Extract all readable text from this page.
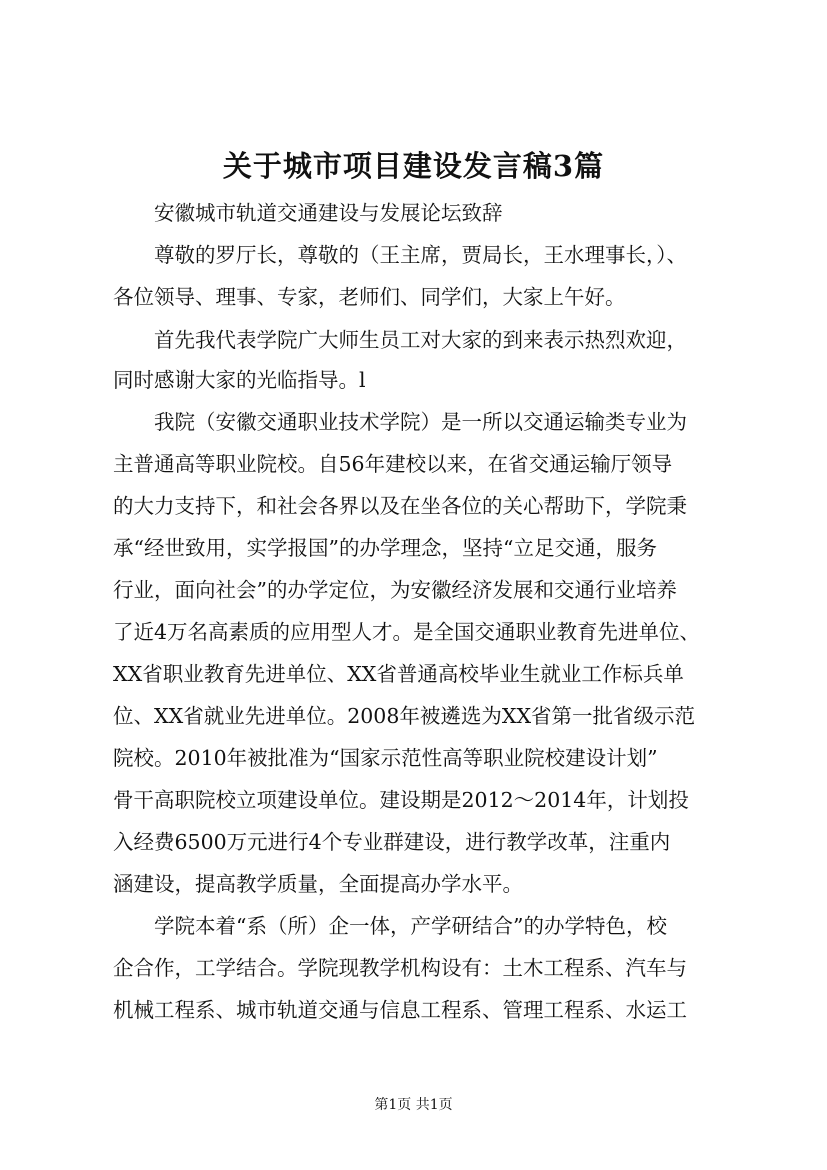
关于城市项目建设发言稿3篇
　　安徽城市轨道交通建设与发展论坛致辞
　　尊敬的罗厅长，尊敬的（王主席，贾局长，王水理事长，）、
各位领导、理事、专家，老师们、同学们，大家上午好。
　　首先我代表学院广大师生员工对大家的到来表示热烈欢迎，
同时感谢大家的光临指导。l
　　我院（安徽交通职业技术学院）是一所以交通运输类专业为
主普通高等职业院校。自56年建校以来，在省交通运输厅领导
的大力支持下，和社会各界以及在坐各位的关心帮助下，学院秉
承“经世致用，实学报国”的办学理念，坚持“立足交通，服务
行业，面向社会”的办学定位，为安徽经济发展和交通行业培养
了近4万名高素质的应用型人才。是全国交通职业教育先进单位、
XX省职业教育先进单位、XX省普通高校毕业生就业工作标兵单
位、XX省就业先进单位。2008年被遴选为XX省第一批省级示范
院校。2010年被批准为“国家示范性高等职业院校建设计划”
骨干高职院校立项建设单位。建设期是2012～2014年，计划投
入经费6500万元进行4个专业群建设，进行教学改革，注重内
涵建设，提高教学质量，全面提高办学水平。
　　学院本着“系（所）企一体，产学研结合”的办学特色，校
企合作，工学结合。学院现教学机构设有：土木工程系、汽车与
机械工程系、城市轨道交通与信息工程系、管理工程系、水运工
第1页 共1页
